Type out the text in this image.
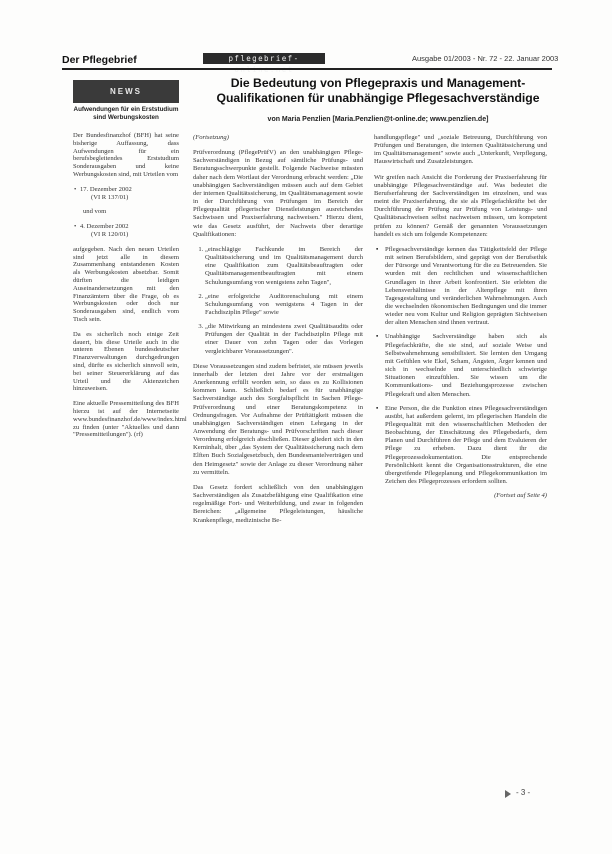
Der Pflegebrief	pflegebrief-	Ausgabe 01/2003 - Nr. 72 - 22. Januar 2003
NEWS
Aufwendungen für ein Erststudium sind Werbungskosten

Der Bundesfinanzhof (BFH) hat seine bisherige Auffassung, dass Aufwendungen für ein berufsbegleitendes Erststudium Sonderausgaben und keine Werbungskosten sind, mit Urteilen vom

• 17. Dezember 2002
(VI R 137/01)

und vom

• 4. Dezember 2002
(VI R 120/01)

aufgegeben. Nach den neuen Urteilen sind jetzt alle in diesem Zusammenhang entstandenen Kosten als Werbungskosten absetzbar. Somit dürften die leidigen Auseinandersetzungen mit den Finanzämtern über die Frage, ob es Werbungskosten oder doch nur Sonderausgaben sind, endlich vom Tisch sein.

Da es sicherlich noch einige Zeit dauert, bis diese Urteile auch in die unteren Ebenen bundesdeutscher Finanzverwaltungen durchgedrungen sind, dürfte es sicherlich sinnvoll sein, bei seiner Steuererklärung auf das Urteil und die Aktenzeichen hinzuweisen.

Eine aktuelle Pressemitteilung des BFH hierzu ist auf der Internetseite www.bundesfinanzhof.de/www/index.html zu finden (unter "Aktuelles und dann "Pressemitteilungen"). (rf)

Die Bedeutung von Pflegepraxis und Management-Qualifikationen für unabhängige Pflegesachverständige
von Maria Penzlien [Maria.Penzlien@t-online.de; www.penzlien.de]

(Fortsetzung)

Prüfverordnung (PflegePrüfV) an den unabhängigen Pflege-Sachverständigen in Bezug auf sämtliche Prüfungs- und Beratungsschwerpunkte gestellt. Folgende Nachweise müssten daher nach dem Wortlaut der Verordnung erbracht werden: „Die unabhängigen Sachverständigen müssen auch auf dem Gebiet der internen Qualitätssicherung, im Qualitätsmanagement sowie in der Durchführung von Prüfungen im Bereich der Pflegequalität pflegerischer Dienstleistungen ausreichendes Sachwissen und Praxiserfahrung nachweisen." Hierzu dient, wie das Gesetz ausführt, der Nachweis über derartige Qualifikationen:

1. „einschlägige Fachkunde im Bereich der Qualitätssicherung und im Qualitätsmanagement durch eine Qualifikation zum Qualitätsbeauftragten oder Qualitätsmanagementbeauftragten mit einem Schulungsumfang von wenigstens zehn Tagen",
2. „eine erfolgreiche Auditorenschulung mit einem Schulungsumfang von wenigstens 4 Tagen in der Fachdisziplin Pflege" sowie
3. „die Mitwirkung an mindestens zwei Qualitätsaudits oder Prüfungen der Qualität in der Fachdisziplin Pflege mit einer Dauer von zehn Tagen oder das Vorlegen vergleichbarer Voraussetzungen".

Diese Voraussetzungen sind zudem befristet, sie müssen jeweils innerhalb der letzten drei Jahre vor der erstmaligen Anerkennung erfüllt worden sein, so dass es zu Kollisionen kommen kann. Schließlich bedarf es für unabhängige Sachverständige auch des Sorgfaltspflicht in Sachen Pflege-Prüfverordnung und einer Beratungskompetenz in Ordnungsfragen. Vor Aufnahme der Prüftätigkeit müssen die unabhängigen Sachverständigen einen Lehrgang in der Anwendung der Beratungs- und Prüfvorschriften nach dieser Verordnung erfolgreich abschließen. Dieser gliedert sich in den Kerninhalt, über „das System der Qualitätssicherung nach dem Elften Buch Sozialgesetzbuch, den Bundesmantelverträgen und den Heimgesetz" sowie der Anlage zu dieser Verordnung näher zu vermitteln.

Das Gesetz fordert schließlich von den unabhängigen Sachverständigen als Zusatzbefähigung eine Qualifikation eine regelmäßige Fort- und Weiterbildung, und zwar in folgenden Bereichen: „allgemeine Pflegeleistungen, häusliche Krankenpflege, medizinische Be-

handlungspflege" und „soziale Betreuung, Durchführung von Prüfungen und Beratungen, die internen Qualitätssicherung und im Qualitätsmanagement" sowie auch „Unterkunft, Verpflegung, Hauswirtschaft und Zusatzleistungen.

Wir greifen nach Ansicht die Forderung der Praxiserfahrung für unabhängige Pflegesachverständige auf. Was bedeutet die Berufserfahrung der Sachverständigen im einzelnen, und was meint die Praxiserfahrung, die sie als Pflegefachkräfte bei der Durchführung der Prüfung zur Prüfung von Leistungs- und Qualitätsnachweisen selbst nachweisen müssen, um kompetent prüfen zu können? Gemäß der genannten Voraussetzungen handelt es sich um folgende Kompetenzen:

▪ Pflegesachverständige kennen das Tätigkeitsfeld der Pflege mit seinen Berufsbildern, sind geprägt von der Berufsethik der Fürsorge und Verantwortung für die zu Betreuenden. Sie wurden mit den rechtlichen und wissenschaftlichen Grundlagen in ihrer Arbeit konfrontiert. Sie erlebten die Lebensverhältnisse in der Altenpflege mit ihren Tagesgestaltung und veränderlichen Wahrnehmungen. Auch die wechselnden ökonomischen Bedingungen und die immer wieder neu vom Kultur und Religion geprägten Sichtweisen der alten Menschen sind ihnen vertraut.
▪ Unabhängige Sachverständige haben sich als Pflegefachkräfte, die sie sind, auf soziale Weise und Selbstwahrnehmung sensibilisiert. Sie lernten den Umgang mit Gefühlen wie Ekel, Scham, Ängsten, Ärger kennen und sich in wechselnde und unterschiedlich schwierige Situationen einzufühlen. Sie wissen um die Kommunikations- und Beziehungsprozesse zwischen Pflegekraft und alten Menschen.
▪ Eine Person, die die Funktion eines Pflegesachverständigen ausübt, hat außerdem gelernt, im pflegerischen Handeln die Pflegequalität mit den wissenschaftlichen Methoden der Beobachtung, der Einschätzung des Pflegebedarfs, dem Planen und Durchführen der Pflege und dem Evaluieren der Pflege zu erheben. Dazu dient ihr die Pflegeprozessdokumentation. Die entsprechende Persönlichkeit kennt die Organisationsstrukturen, die eine übergreifende Pflegeplanung und Pflegekommunikation im Zeichen des Pflegeprozesses erfordern sollten.
(Fortset auf Seite 4)
- 3 -
